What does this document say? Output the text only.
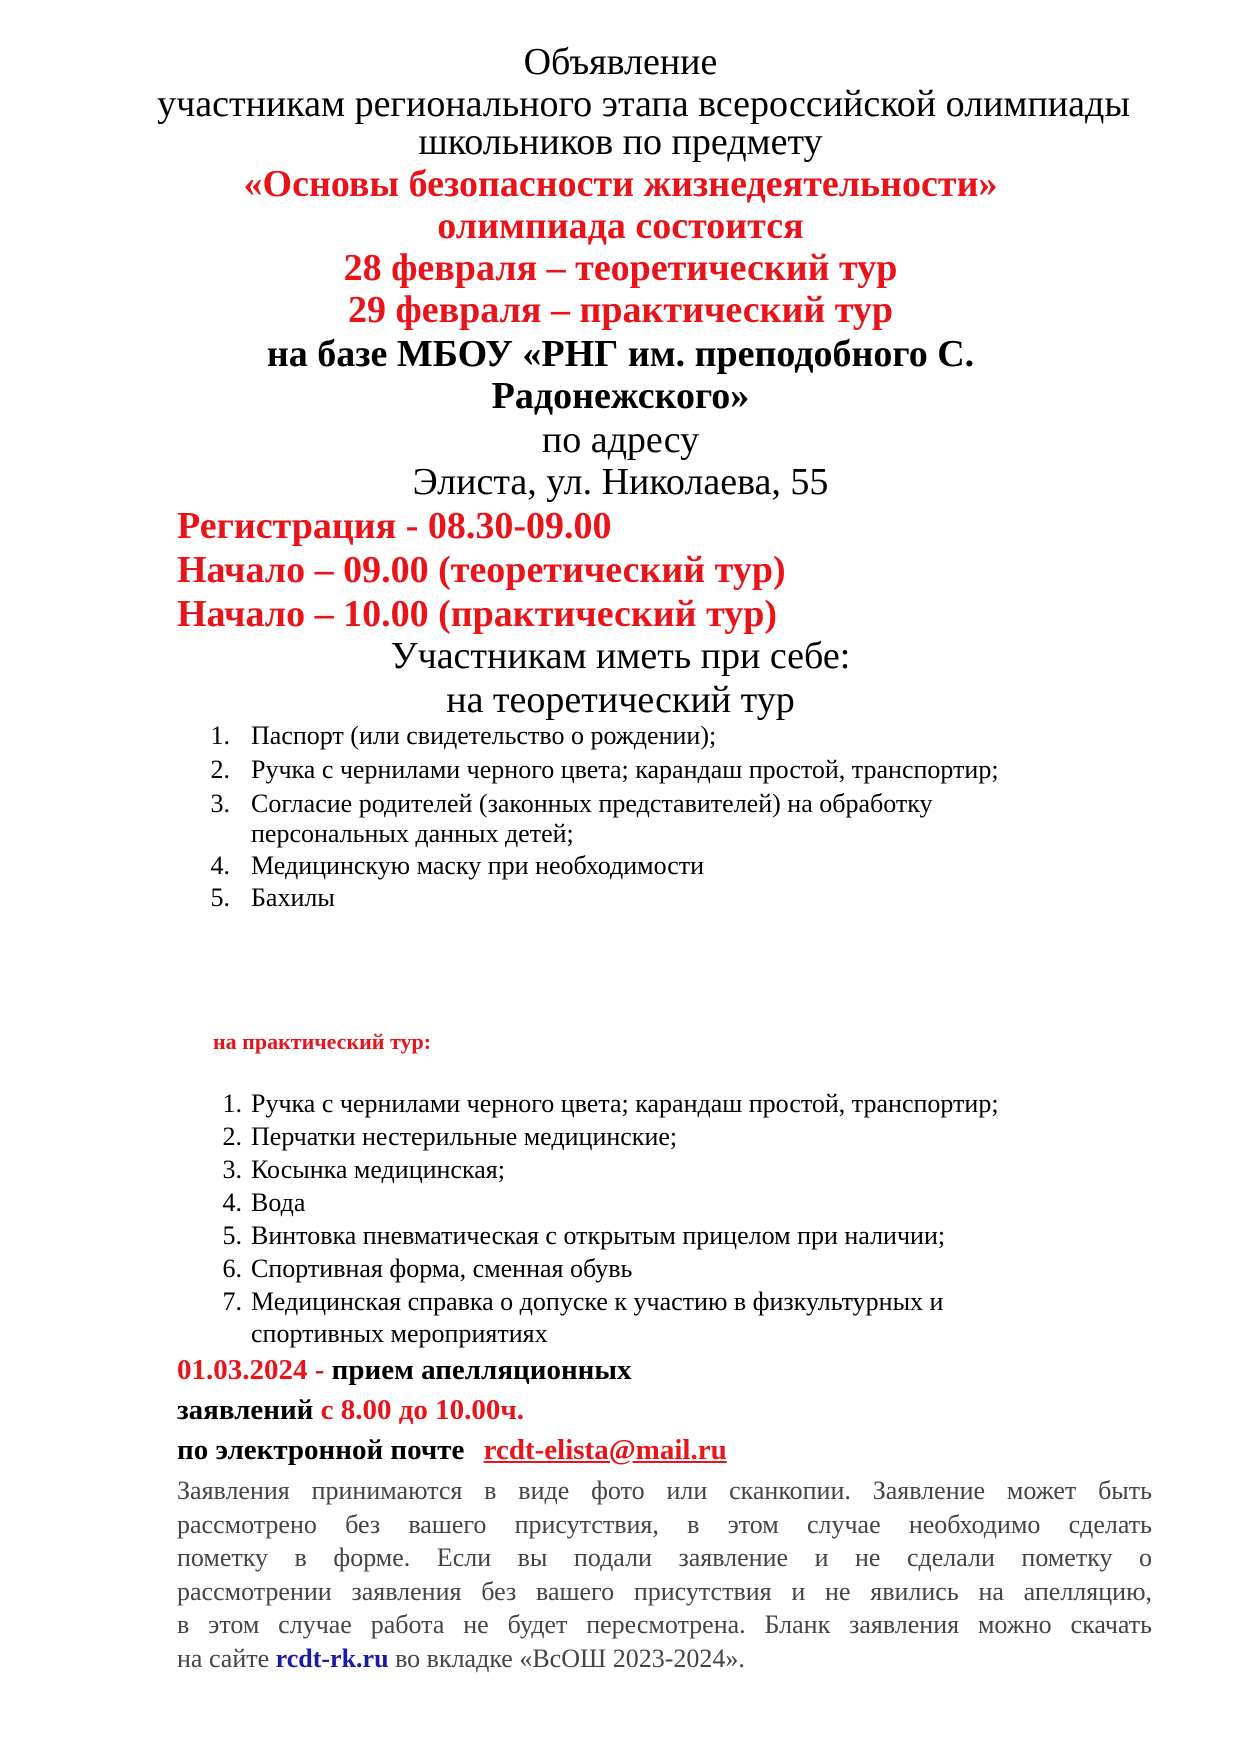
Объявление
участникам регионального этапа всероссийской олимпиады
школьников по предмету
«Основы безопасности жизнедеятельности»
олимпиада состоится
28 февраля – теоретический тур
29 февраля – практический тур
на базе МБОУ «РНГ им. преподобного С.
Радонежского»
по адресу
Элиста, ул. Николаева, 55
Регистрация - 08.30-09.00
Начало – 09.00 (теоретический тур)
Начало – 10.00 (практический тур)
Участникам иметь при себе:
на теоретический тур
1. Паспорт (или свидетельство о рождении);
2. Ручка с чернилами черного цвета; карандаш простой, транспортир;
3. Согласие родителей (законных представителей) на обработку
персональных данных детей;
4. Медицинскую маску при необходимости
5. Бахилы
на практический тур:
1. Ручка с чернилами черного цвета; карандаш простой, транспортир;
2. Перчатки нестерильные медицинские;
3. Косынка медицинская;
4. Вода
5. Винтовка пневматическая с открытым прицелом при наличии;
6. Спортивная форма, сменная обувь
7. Медицинская справка о допуске к участию в физкультурных и
спортивных мероприятиях
01.03.2024 - прием апелляционных
заявлений с 8.00 до 10.00ч.
по электронной почте rcdt-elista@mail.ru
Заявления принимаются в виде фото или сканкопии. Заявление может быть
рассмотрено без вашего присутствия, в этом случае необходимо сделать
пометку в форме. Если вы подали заявление и не сделали пометку о
рассмотрении заявления без вашего присутствия и не явились на апелляцию,
в этом случае работа не будет пересмотрена. Бланк заявления можно скачать
на сайте rcdt-rk.ru во вкладке «ВсОШ 2023-2024».
